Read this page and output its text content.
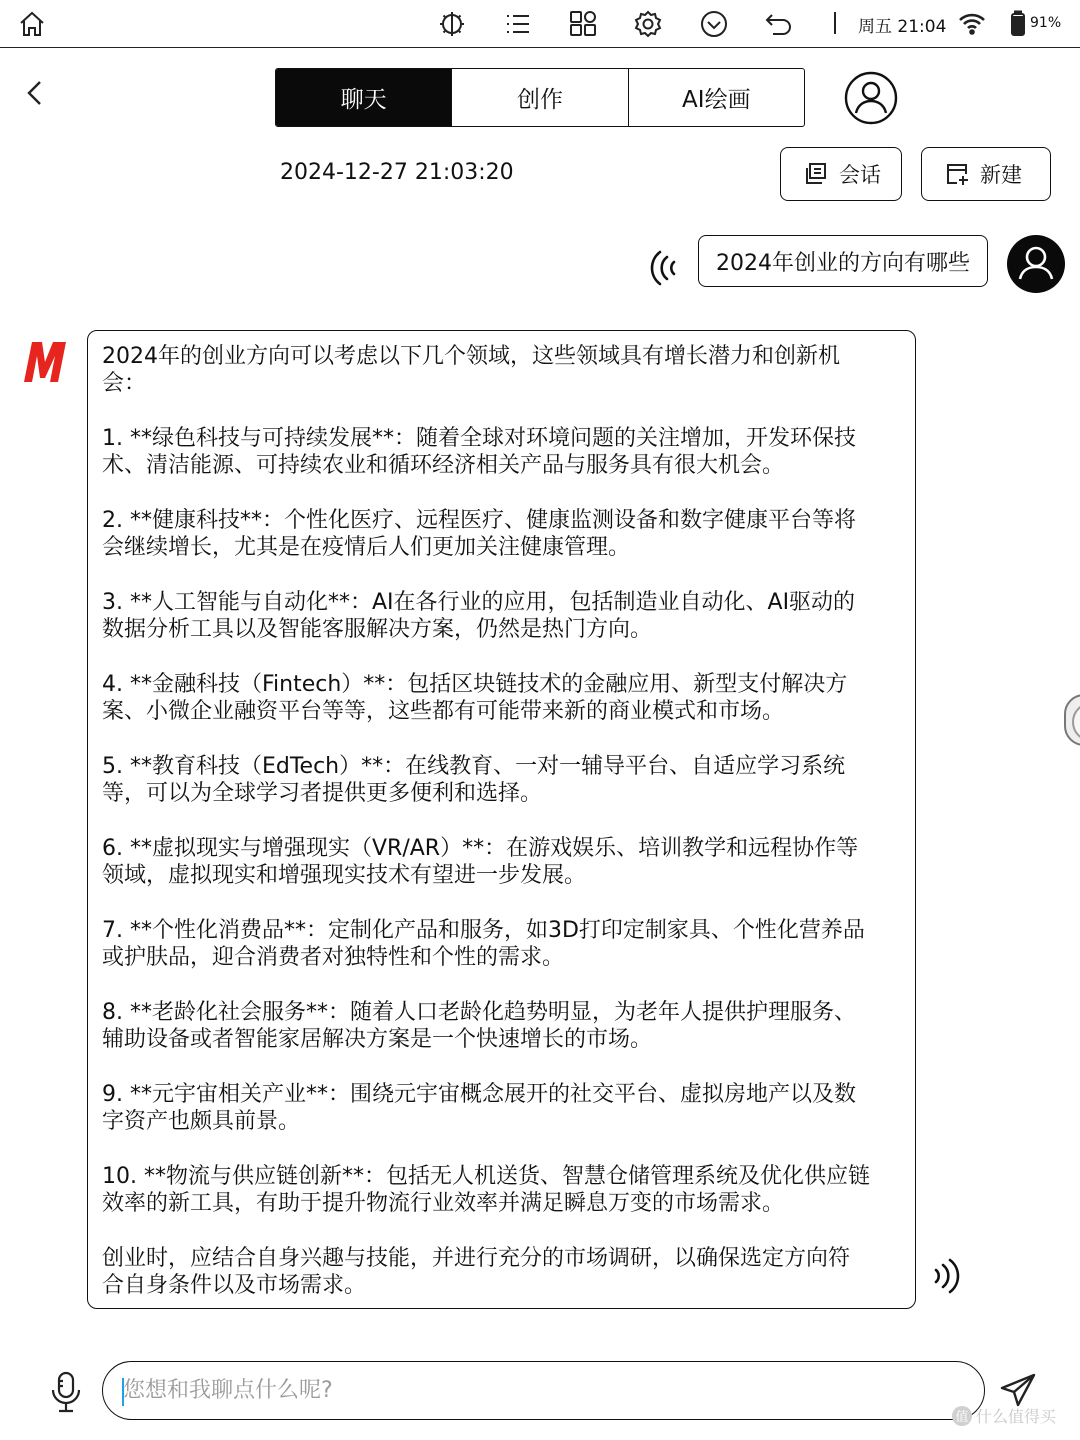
周五 21:04	91%
聊天	创作	AI绘画
2024-12-27 21:03:20	会话	新建
2024年创业的方向有哪些
2024年的创业方向可以考虑以下几个领域，这些领域具有增长潜力和创新机
会：
1. **绿色科技与可持续发展**：随着全球对环境问题的关注增加，开发环保技
术、清洁能源、可持续农业和循环经济相关产品与服务具有很大机会。
2. **健康科技**：个性化医疗、远程医疗、健康监测设备和数字健康平台等将
会继续增长，尤其是在疫情后人们更加关注健康管理。
3. **人工智能与自动化**：AI在各行业的应用，包括制造业自动化、AI驱动的
数据分析工具以及智能客服解决方案，仍然是热门方向。
4. **金融科技（Fintech）**：包括区块链技术的金融应用、新型支付解决方
案、小微企业融资平台等等，这些都有可能带来新的商业模式和市场。
5. **教育科技（EdTech）**：在线教育、一对一辅导平台、自适应学习系统
等，可以为全球学习者提供更多便利和选择。
6. **虚拟现实与增强现实（VR/AR）**：在游戏娱乐、培训教学和远程协作等
领域，虚拟现实和增强现实技术有望进一步发展。
7. **个性化消费品**：定制化产品和服务，如3D打印定制家具、个性化营养品
或护肤品，迎合消费者对独特性和个性的需求。
8. **老龄化社会服务**：随着人口老龄化趋势明显，为老年人提供护理服务、
辅助设备或者智能家居解决方案是一个快速增长的市场。
9. **元宇宙相关产业**：围绕元宇宙概念展开的社交平台、虚拟房地产以及数
字资产也颇具前景。
10. **物流与供应链创新**：包括无人机送货、智慧仓储管理系统及优化供应链
效率的新工具，有助于提升物流行业效率并满足瞬息万变的市场需求。
创业时，应结合自身兴趣与技能，并进行充分的市场调研，以确保选定方向符
合自身条件以及市场需求。
您想和我聊点什么呢?
值 什么值得买
